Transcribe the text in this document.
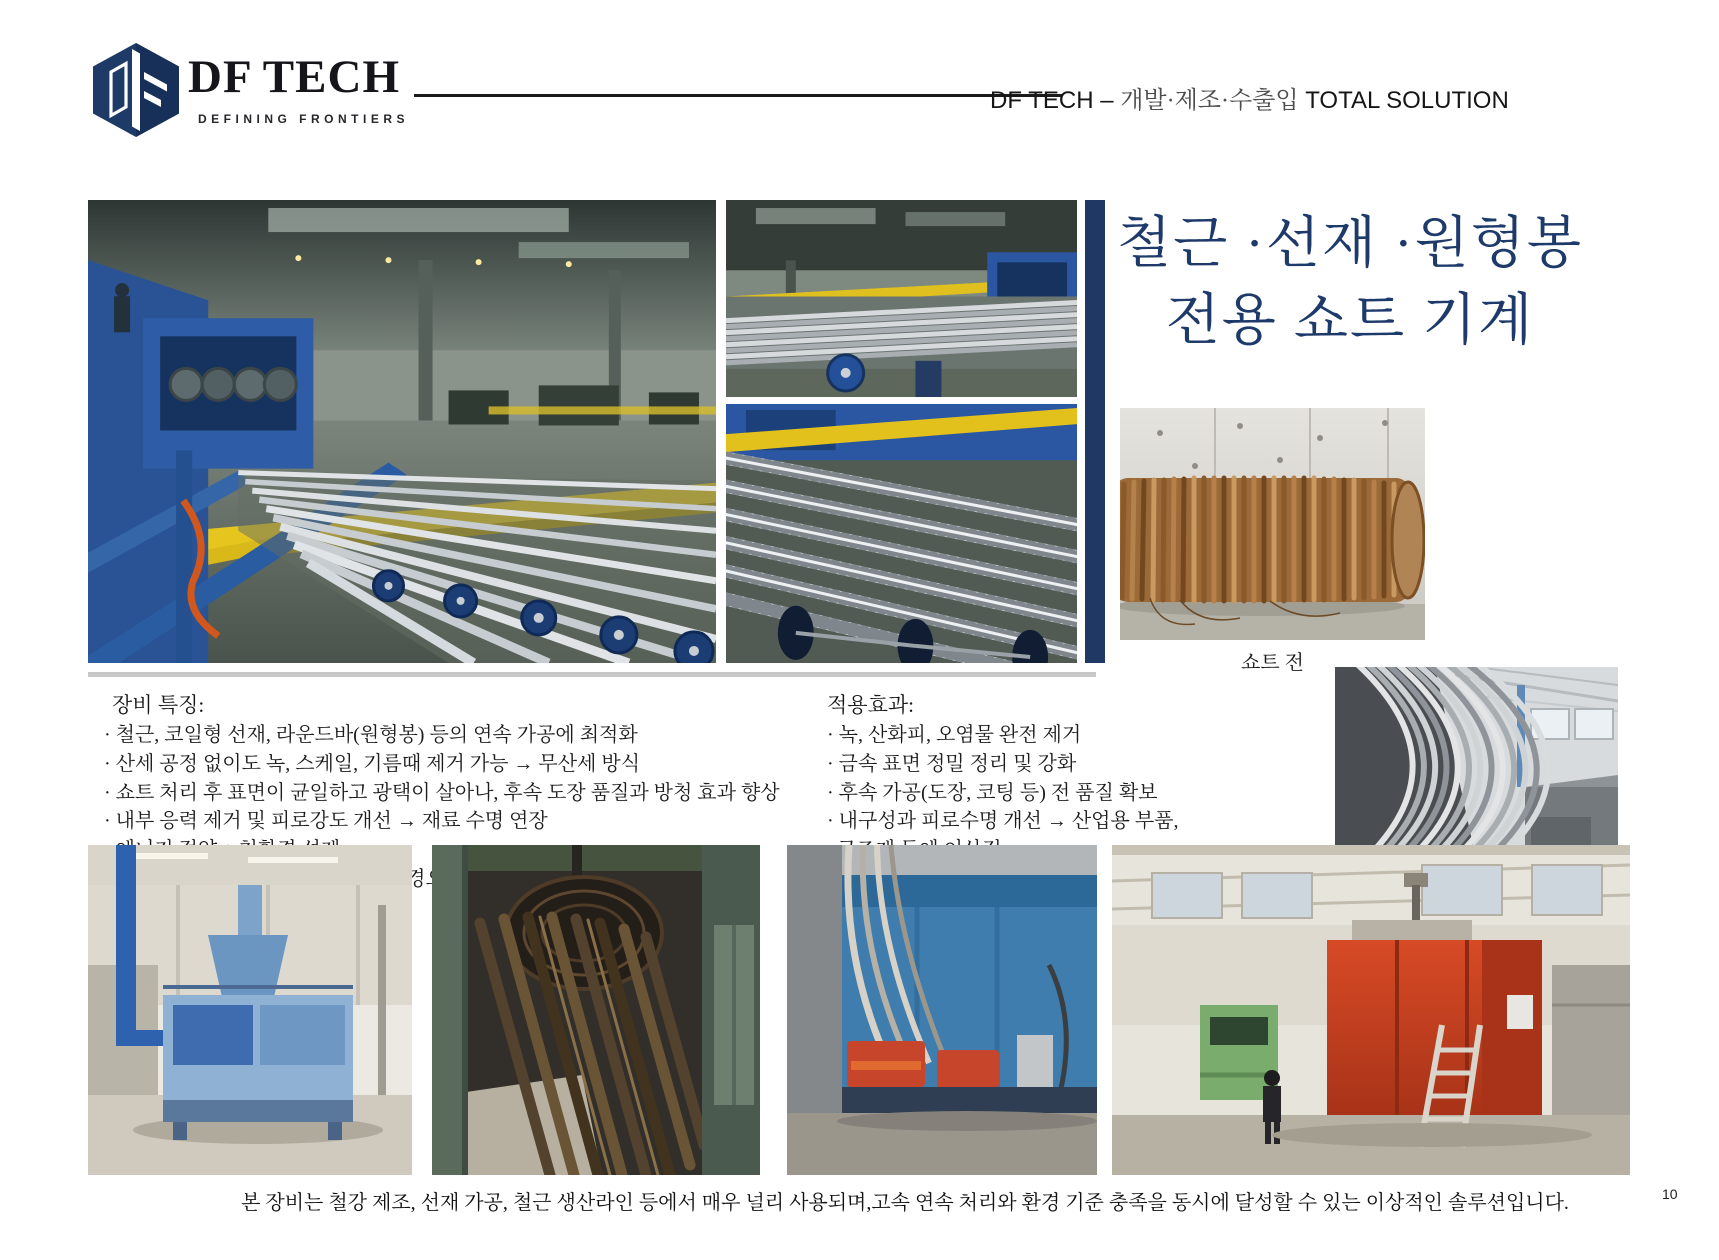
DF TECH
DEFINING FRONTIERS
DF TECH – 개발·제조·수출입 TOTAL SOLUTION
철근 ·선재 ·원형봉
전용 쇼트 기계
쇼트 전
장비 특징:
· 철근, 코일형 선재, 라운드바(원형봉) 등의 연속 가공에 최적화
· 산세 공정 없이도 녹, 스케일, 기름때 제거 가능 → 무산세 방식
· 쇼트 처리 후 표면이 균일하고 광택이 살아나, 후속 도장 품질과 방청 효과 향상
· 내부 응력 제거 및 피로강도 개선 → 재료 수명 연장
적용효과:
· 녹, 산화피, 오염물 완전 제거
· 금속 표면 정밀 정리 및 강화
· 후속 가공(도장, 코팅 등) 전 품질 확보
· 내구성과 피로수명 개선 → 산업용 부품,
본 장비는 철강 제조, 선재 가공, 철근 생산라인 등에서 매우 널리 사용되며,고속 연속 처리와 환경 기준 충족을 동시에 달성할 수 있는 이상적인 솔루션입니다.	10
